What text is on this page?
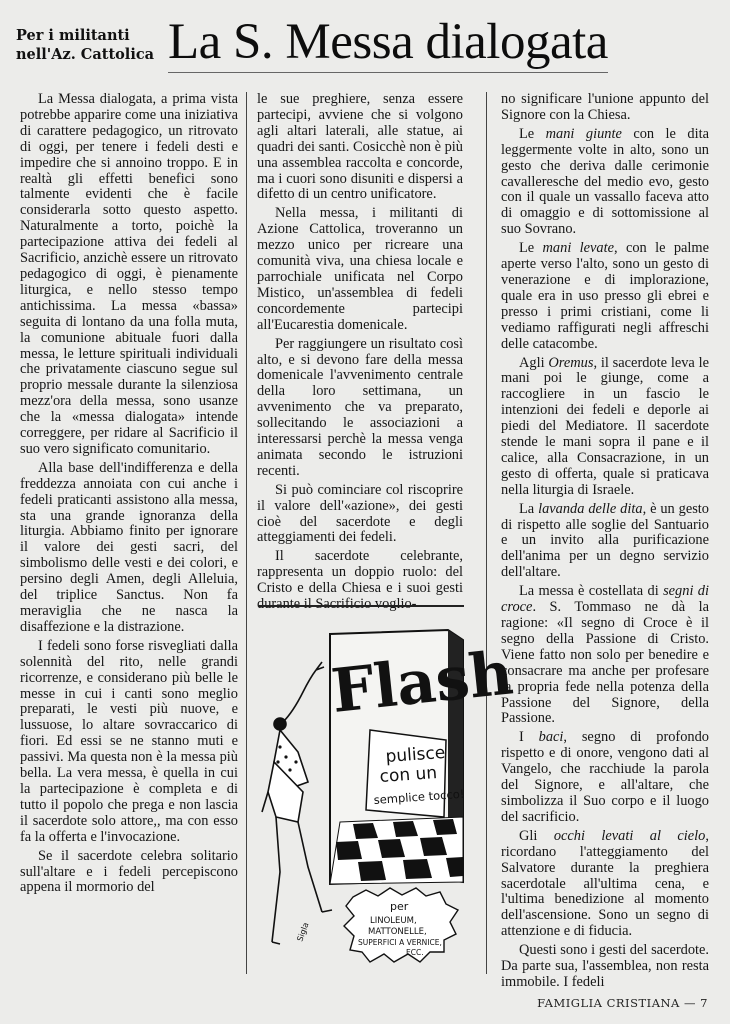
Per i militanti
nell'Az. Cattolica La S. Messa dialogata

La Messa dialogata, a prima vista potrebbe apparire come una iniziativa di carattere pedagogico, un ritrovato di oggi, per tenere i fedeli desti e impedire che si annoino troppo. E in realtà gli effetti benefici sono talmente evidenti che è facile considerarla sotto questo aspetto. Naturalmente a torto, poichè la partecipazione attiva dei fedeli al Sacrificio, anzichè essere un ritrovato pedagogico di oggi, è pienamente liturgica, e nello stesso tempo antichissima. La messa «bassa» seguita di lontano da una folla muta, la comunione abituale fuori dalla messa, le letture spirituali individuali che privatamente ciascuno segue sul proprio messale durante la silenziosa mezz'ora della messa, sono usanze che la «messa dialogata» intende correggere, per ridare al Sacrificio il suo vero significato comunitario.

Alla base dell'indifferenza e della freddezza annoiata con cui anche i fedeli praticanti assistono alla messa, sta una grande ignoranza della liturgia. Abbiamo finito per ignorare il valore dei gesti sacri, del simbolismo delle vesti e dei colori, e persino degli Amen, degli Alleluia, del triplice Sanctus. Non fa meraviglia che ne nasca la disaffezione e la distrazione.

I fedeli sono forse risvegliati dalla solennità del rito, nelle grandi ricorrenze, e considerano più belle le messe in cui i canti sono meglio preparati, le vesti più nuove, e lussuose, lo altare sovraccarico di fiori. Ed essi se ne stanno muti e passivi. Ma questa non è la messa più bella. La vera messa, è quella in cui la partecipazione è completa e di tutto il popolo che prega e non lascia il sacerdote solo attore,, ma con esso fa la offerta e l'invocazione.

Se il sacerdote celebra solitario sull'altare e i fedeli percepiscono appena il mormorio del

le sue preghiere, senza essere partecipi, avviene che si volgono agli altari laterali, alle statue, ai quadri dei santi. Cosicchè non è più una assemblea raccolta e concorde, ma i cuori sono disuniti e dispersi a difetto di un centro unificatore.

Nella messa, i militanti di Azione Cattolica, troveranno un mezzo unico per ricreare una comunità viva, una chiesa locale e parrochiale unificata nel Corpo Mistico, un'assemblea di fedeli concordemente partecipi all'Eucarestia domenicale.

Per raggiungere un risultato così alto, e si devono fare della messa domenicale l'avvenimento centrale della loro settimana, un avvenimento che va preparato, sollecitando le associazioni a interessarsi perchè la messa venga animata secondo le istruzioni recenti.

Si può cominciare col riscoprire il valore dell'«azione», dei gesti cioè del sacerdote e degli atteggiamenti dei fedeli.

Il sacerdote celebrante, rappresenta un doppio ruolo: del Cristo e della Chiesa e i suoi gesti

no significare l'unione appunto del Signore con la Chiesa.

Le mani giunte con le dita leggermente volte in alto, sono un gesto che deriva dalle cerimonie cavalleresche del medio evo, gesto con il quale un vassallo faceva atto di omaggio e di sottomissione al suo Sovrano.

Le mani levate, con le palme aperte verso l'alto, sono un gesto di venerazione e di implorazione, quale era in uso presso gli ebrei e presso i primi cristiani, come li vediamo raffigurati negli affreschi delle catacombe.

Agli Oremus, il sacerdote leva le mani poi le giunge, come a raccogliere in un fascio le intenzioni dei fedeli e deporle ai piedi del Mediatore. Il sacerdote stende le mani sopra il pane e il calice, alla Consacrazione, in un gesto di offerta, quale si praticava nella liturgia di Israele.

La lavanda delle dita, è un gesto di rispetto alle soglie del Santuario e un invito alla purificazione dell'anima per un degno servizio dell'altare.

La messa è costellata di segni di croce. S. Tommaso ne dà la ragione: «Il segno di Croce è il segno della Passione di Cristo. Viene fatto non solo per benedire e consacrare ma anche per profesare la propria fede nella potenza della Passione del Signore, della Passione.

I baci, segno di profondo rispetto e di onore, vengono dati al Vangelo, che racchiude la parola del Signore, e all'altare, che simbolizza il Suo corpo e il luogo del sacrificio.

Gli occhi levati al cielo, ricordano l'atteggiamento del Salvatore durante la preghiera sacerdotale all'ultima cena, e l'ultima benedizione al momento dell'ascensione. Sono un segno di attenzione e di fiducia.

Questi sono i gesti del sacerdote. Da parte sua, l'assemblea, non resta immobile. I fedeli

Flash
pulisce
con un
semplice tocco!
per
LINOLEUM,
MATTONELLE,
SUPERFICI A VERNICE,
ECC.
Sigla
FAMIGLIA CRISTIANA — 7
